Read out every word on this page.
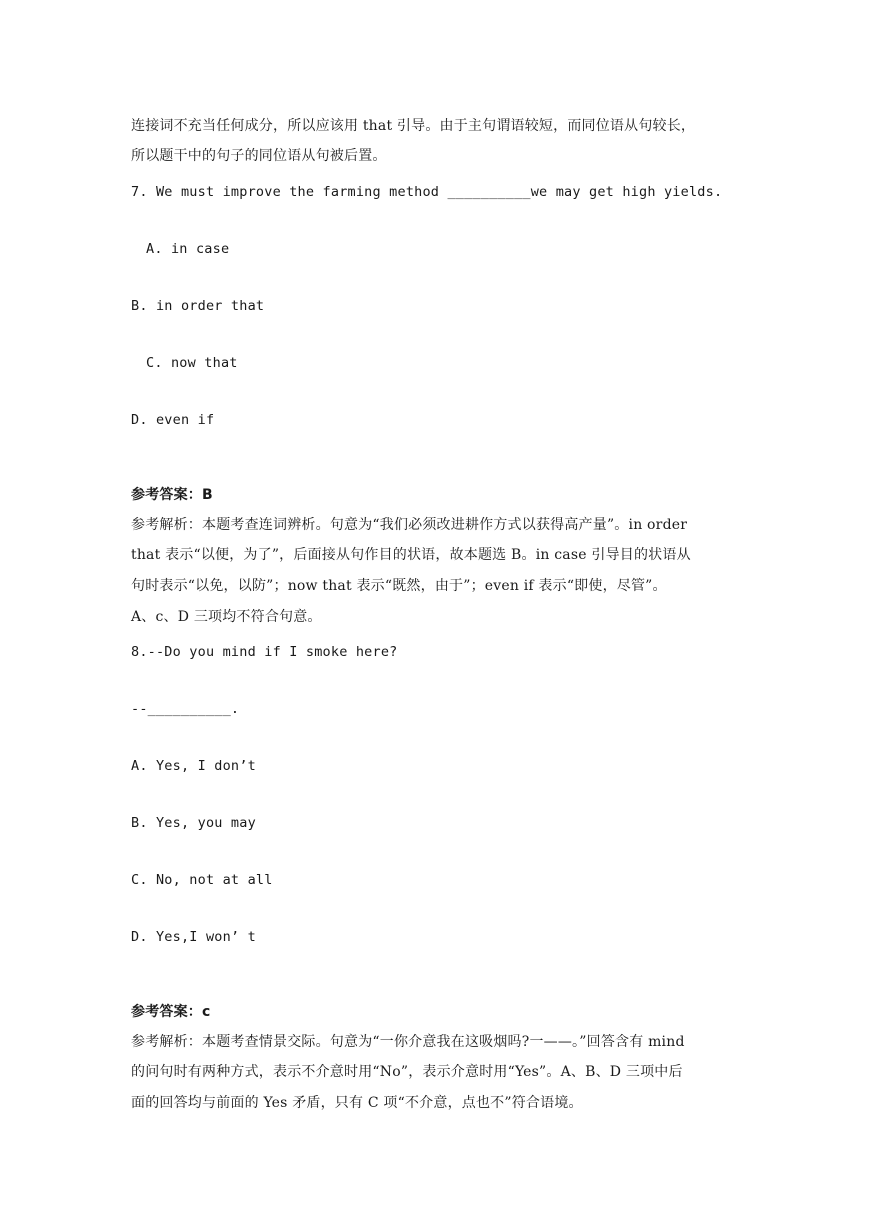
连接词不充当任何成分，所以应该用 that 引导。由于主句谓语较短，而同位语从句较长，
所以题干中的句子的同位语从句被后置。
7. We must improve the farming method __________we may get high yields.
A. in case
B. in order that
C. now that
D. even if
参考答案：B
参考解析：本题考查连词辨析。句意为“我们必须改进耕作方式以获得高产量”。in order
that 表示“以便，为了”，后面接从句作目的状语，故本题选 B。in case 引导目的状语从
句时表示“以免，以防”；now that 表示“既然，由于”；even if 表示“即使，尽管”。
A、c、D 三项均不符合句意。
8.--Do you mind if I smoke here?
--__________.
A. Yes, I don’t
B. Yes, you may
C. No, not at all
D. Yes,I won’ t
参考答案：c
参考解析：本题考查情景交际。句意为“一你介意我在这吸烟吗?一——。”回答含有 mind
的问句时有两种方式，表示不介意时用“No”，表示介意时用“Yes”。A、B、D 三项中后
面的回答均与前面的 Yes 矛盾，只有 C 项“不介意，点也不”符合语境。
